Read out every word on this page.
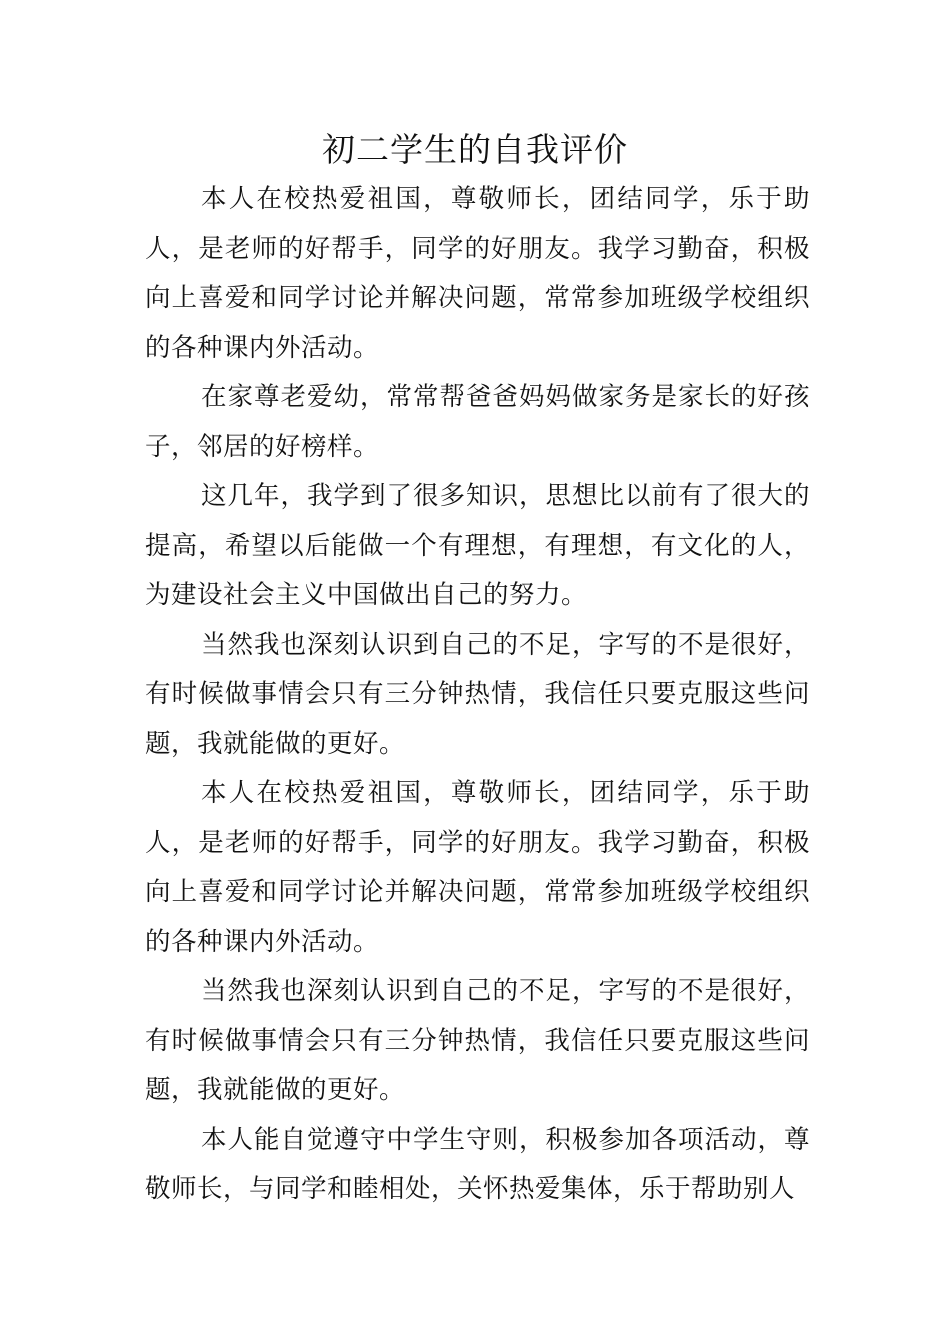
初二学生的自我评价

本人在校热爱祖国，尊敬师长，团结同学，乐于助人，是老师的好帮手，同学的好朋友。我学习勤奋，积极向上喜爱和同学讨论并解决问题，常常参加班级学校组织的各种课内外活动。

在家尊老爱幼，常常帮爸爸妈妈做家务是家长的好孩子，邻居的好榜样。

这几年，我学到了很多知识，思想比以前有了很大的提高，希望以后能做一个有理想，有理想，有文化的人，为建设社会主义中国做出自己的努力。

当然我也深刻认识到自己的不足，字写的不是很好，有时候做事情会只有三分钟热情，我信任只要克服这些问题，我就能做的更好。

本人在校热爱祖国，尊敬师长，团结同学，乐于助人，是老师的好帮手，同学的好朋友。我学习勤奋，积极向上喜爱和同学讨论并解决问题，常常参加班级学校组织的各种课内外活动。

当然我也深刻认识到自己的不足，字写的不是很好，有时候做事情会只有三分钟热情，我信任只要克服这些问题，我就能做的更好。

本人能自觉遵守中学生守则，积极参加各项活动，尊敬师长，与同学和睦相处，关怀热爱集体，乐于帮助别人
